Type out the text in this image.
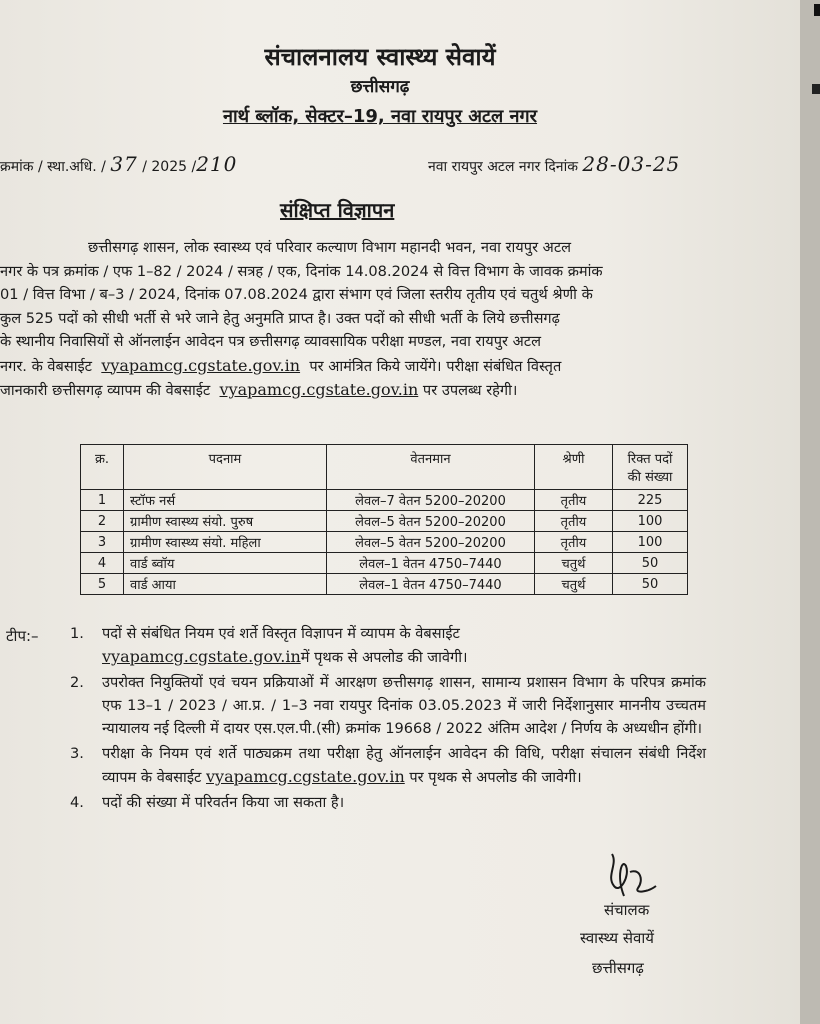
संचालनालय स्वास्थ्य सेवायें
छत्तीसगढ़
नार्थ ब्लॉक, सेक्टर–19, नवा रायपुर अटल नगर
क्रमांक / स्था.अधि. / 37 / 2025 /210	नवा रायपुर अटल नगर दिनांक 28-03-25
संक्षिप्त विज्ञापन
छत्तीसगढ़ शासन, लोक स्वास्थ्य एवं परिवार कल्याण विभाग महानदी भवन, नवा रायपुर अटल
नगर के पत्र क्रमांक / एफ 1–82 / 2024 / सत्रह / एक, दिनांक 14.08.2024 से वित्त विभाग के जावक क्रमांक
01 / वित्त विभा / ब–3 / 2024, दिनांक 07.08.2024 द्वारा संभाग एवं जिला स्तरीय तृतीय एवं चतुर्थ श्रेणी के
कुल 525 पदों को सीधी भर्ती से भरे जाने हेतु अनुमति प्राप्त है। उक्त पदों को सीधी भर्ती के लिये छत्तीसगढ़
के स्थानीय निवासियों से ऑनलाईन आवेदन पत्र छत्तीसगढ़ व्यावसायिक परीक्षा मण्डल, नवा रायपुर अटल
नगर. के वेबसाईट vyapamcg.cgstate.gov.in पर आमंत्रित किये जायेंगे। परीक्षा संबंधित विस्तृत
जानकारी छत्तीसगढ़ व्यापम की वेबसाईट vyapamcg.cgstate.gov.in पर उपलब्ध रहेगी।
क्र.	पदनाम	वेतनमान	श्रेणी	रिक्त पदों की संख्या
1	स्टॉफ नर्स	लेवल–7 वेतन 5200–20200	तृतीय	225
2	ग्रामीण स्वास्थ्य संयो. पुरुष	लेवल–5 वेतन 5200–20200	तृतीय	100
3	ग्रामीण स्वास्थ्य संयो. महिला	लेवल–5 वेतन 5200–20200	तृतीय	100
4	वार्ड ब्वॉय	लेवल–1 वेतन 4750–7440	चतुर्थ	50
5	वार्ड आया	लेवल–1 वेतन 4750–7440	चतुर्थ	50
टीप:– 1.	पदों से संबंधित नियम एवं शर्ते विस्तृत विज्ञापन में व्यापम के वेबसाईट
vyapamcg.cgstate.gov.inमें पृथक से अपलोड की जावेगी।
2.	उपरोक्त नियुक्तियों एवं चयन प्रक्रियाओं में आरक्षण छत्तीसगढ़ शासन, सामान्य प्रशासन विभाग के परिपत्र क्रमांक एफ 13–1 / 2023 / आ.प्र. / 1–3 नवा रायपुर दिनांक 03.05.2023 में जारी निर्देशानुसार माननीय उच्चतम न्यायालय नई दिल्ली में दायर एस.एल.पी.(सी) क्रमांक 19668 / 2022 अंतिम आदेश / निर्णय के अध्यधीन होंगी।
3.	परीक्षा के नियम एवं शर्ते पाठ्यक्रम तथा परीक्षा हेतु ऑनलाईन आवेदन की विधि, परीक्षा संचालन संबंधी निर्देश व्यापम के वेबसाईट vyapamcg.cgstate.gov.in पर पृथक से अपलोड की जावेगी।
4.	पदों की संख्या में परिवर्तन किया जा सकता है।
संचालक
स्वास्थ्य सेवायें
छत्तीसगढ़
